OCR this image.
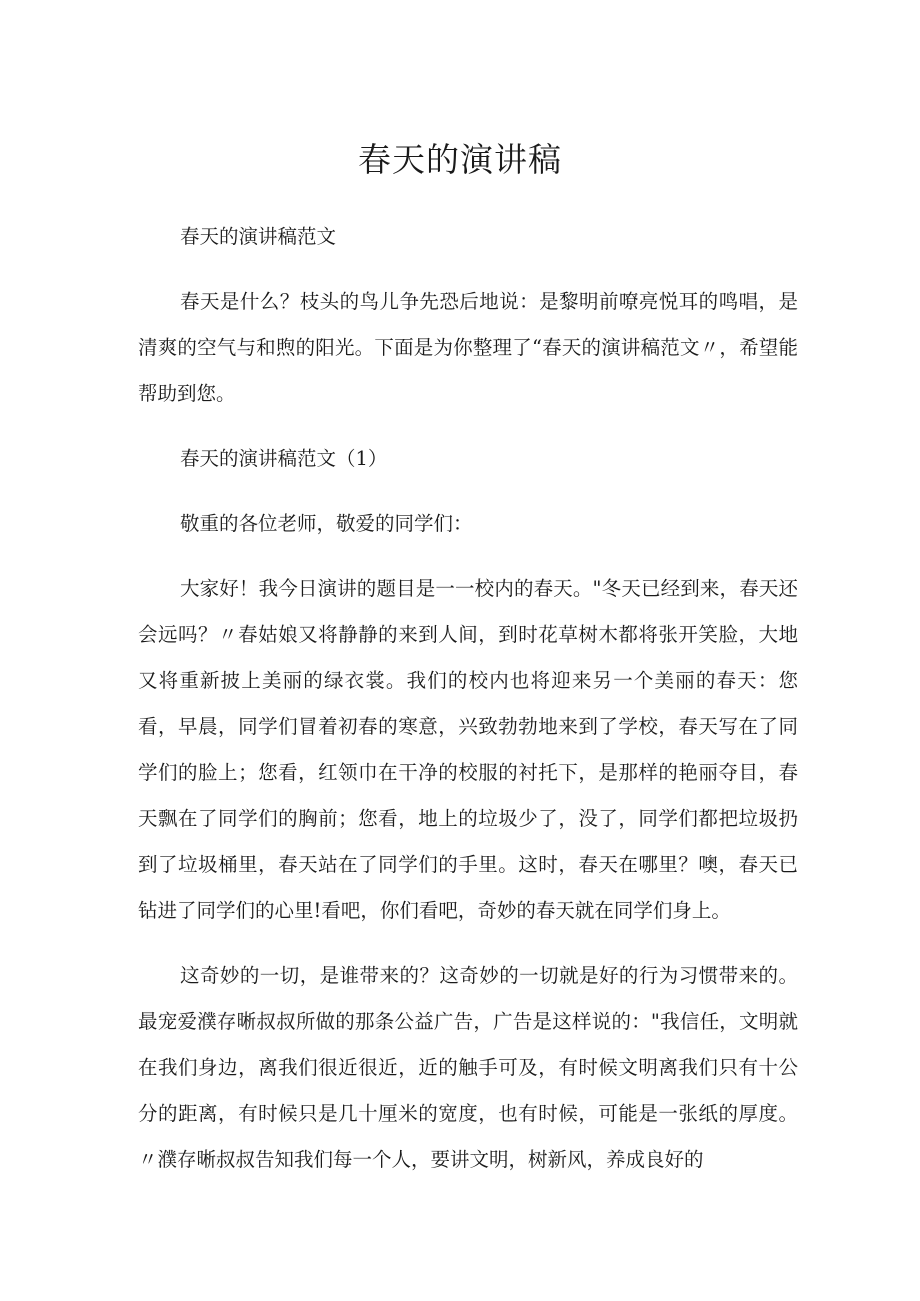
春天的演讲稿

春天的演讲稿范文

春天是什么？枝头的鸟儿争先恐后地说：是黎明前嘹亮悦耳的鸣唱，是清爽的空气与和煦的阳光。下面是为你整理了“春天的演讲稿范文〃，希望能帮助到您。

春天的演讲稿范文（1）

敬重的各位老师，敬爱的同学们：

大家好！我今日演讲的题目是一一校内的春天。"冬天已经到来，春天还会远吗？〃春姑娘又将静静的来到人间，到时花草树木都将张开笑脸，大地又将重新披上美丽的绿衣裳。我们的校内也将迎来另一个美丽的春天：您看，早晨，同学们冒着初春的寒意，兴致勃勃地来到了学校，春天写在了同学们的脸上；您看，红领巾在干净的校服的衬托下，是那样的艳丽夺目，春天飘在了同学们的胸前；您看，地上的垃圾少了，没了，同学们都把垃圾扔到了垃圾桶里，春天站在了同学们的手里。这时，春天在哪里？噢，春天已钻进了同学们的心里!看吧，你们看吧，奇妙的春天就在同学们身上。

这奇妙的一切，是谁带来的？这奇妙的一切就是好的行为习惯带来的。最宠爱濮存晰叔叔所做的那条公益广告，广告是这样说的："我信任，文明就在我们身边，离我们很近很近，近的触手可及，有时候文明离我们只有十公分的距离，有时候只是几十厘米的宽度，也有时候，可能是一张纸的厚度。〃濮存晰叔叔告知我们每一个人，要讲文明，树新风，养成良好的
